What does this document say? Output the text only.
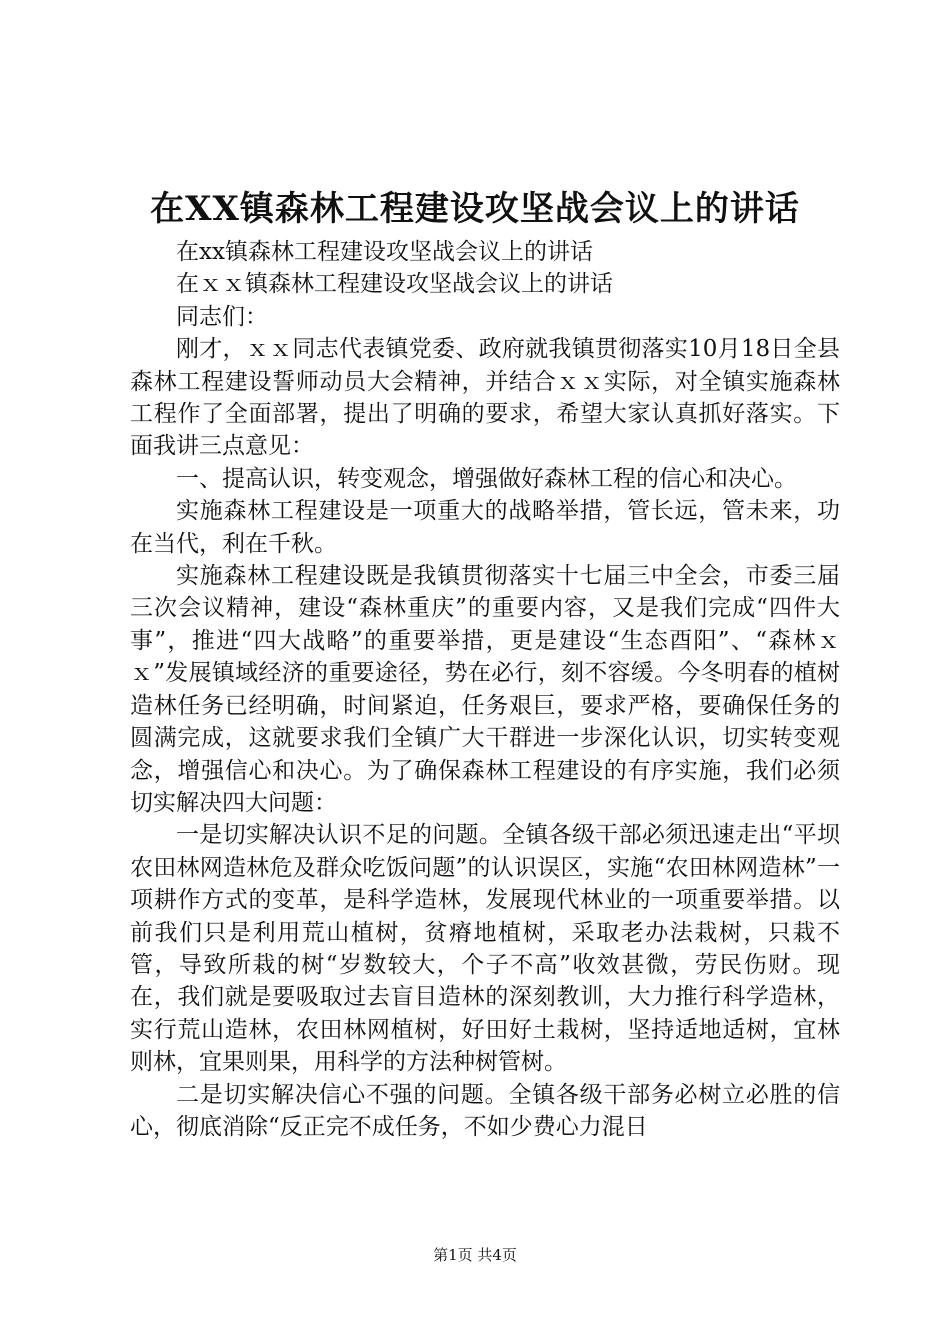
在XX镇森林工程建设攻坚战会议上的讲话

在xx镇森林工程建设攻坚战会议上的讲话

在ｘｘ镇森林工程建设攻坚战会议上的讲话

同志们：

刚才，ｘｘ同志代表镇党委、政府就我镇贯彻落实10月18日全县森林工程建设誓师动员大会精神，并结合ｘｘ实际，对全镇实施森林工程作了全面部署，提出了明确的要求，希望大家认真抓好落实。下面我讲三点意见：

一、提高认识，转变观念，增强做好森林工程的信心和决心。

实施森林工程建设是一项重大的战略举措，管长远，管未来，功在当代，利在千秋。

实施森林工程建设既是我镇贯彻落实十七届三中全会，市委三届三次会议精神，建设“森林重庆”的重要内容，又是我们完成“四件大事”，推进“四大战略”的重要举措，更是建设“生态酉阳”、“森林ｘｘ”发展镇域经济的重要途径，势在必行，刻不容缓。今冬明春的植树造林任务已经明确，时间紧迫，任务艰巨，要求严格，要确保任务的圆满完成，这就要求我们全镇广大干群进一步深化认识，切实转变观念，增强信心和决心。为了确保森林工程建设的有序实施，我们必须切实解决四大问题：

一是切实解决认识不足的问题。全镇各级干部必须迅速走出“平坝农田林网造林危及群众吃饭问题”的认识误区，实施“农田林网造林”一项耕作方式的变革，是科学造林，发展现代林业的一项重要举措。以前我们只是利用荒山植树，贫瘠地植树，采取老办法栽树，只栽不管，导致所栽的树“岁数较大，个子不高”收效甚微，劳民伤财。现在，我们就是要吸取过去盲目造林的深刻教训，大力推行科学造林，实行荒山造林，农田林网植树，好田好土栽树，坚持适地适树，宜林则林，宜果则果，用科学的方法种树管树。

二是切实解决信心不强的问题。全镇各级干部务必树立必胜的信心，彻底消除“反正完不成任务，不如少费心力混日

第1页 共4页
